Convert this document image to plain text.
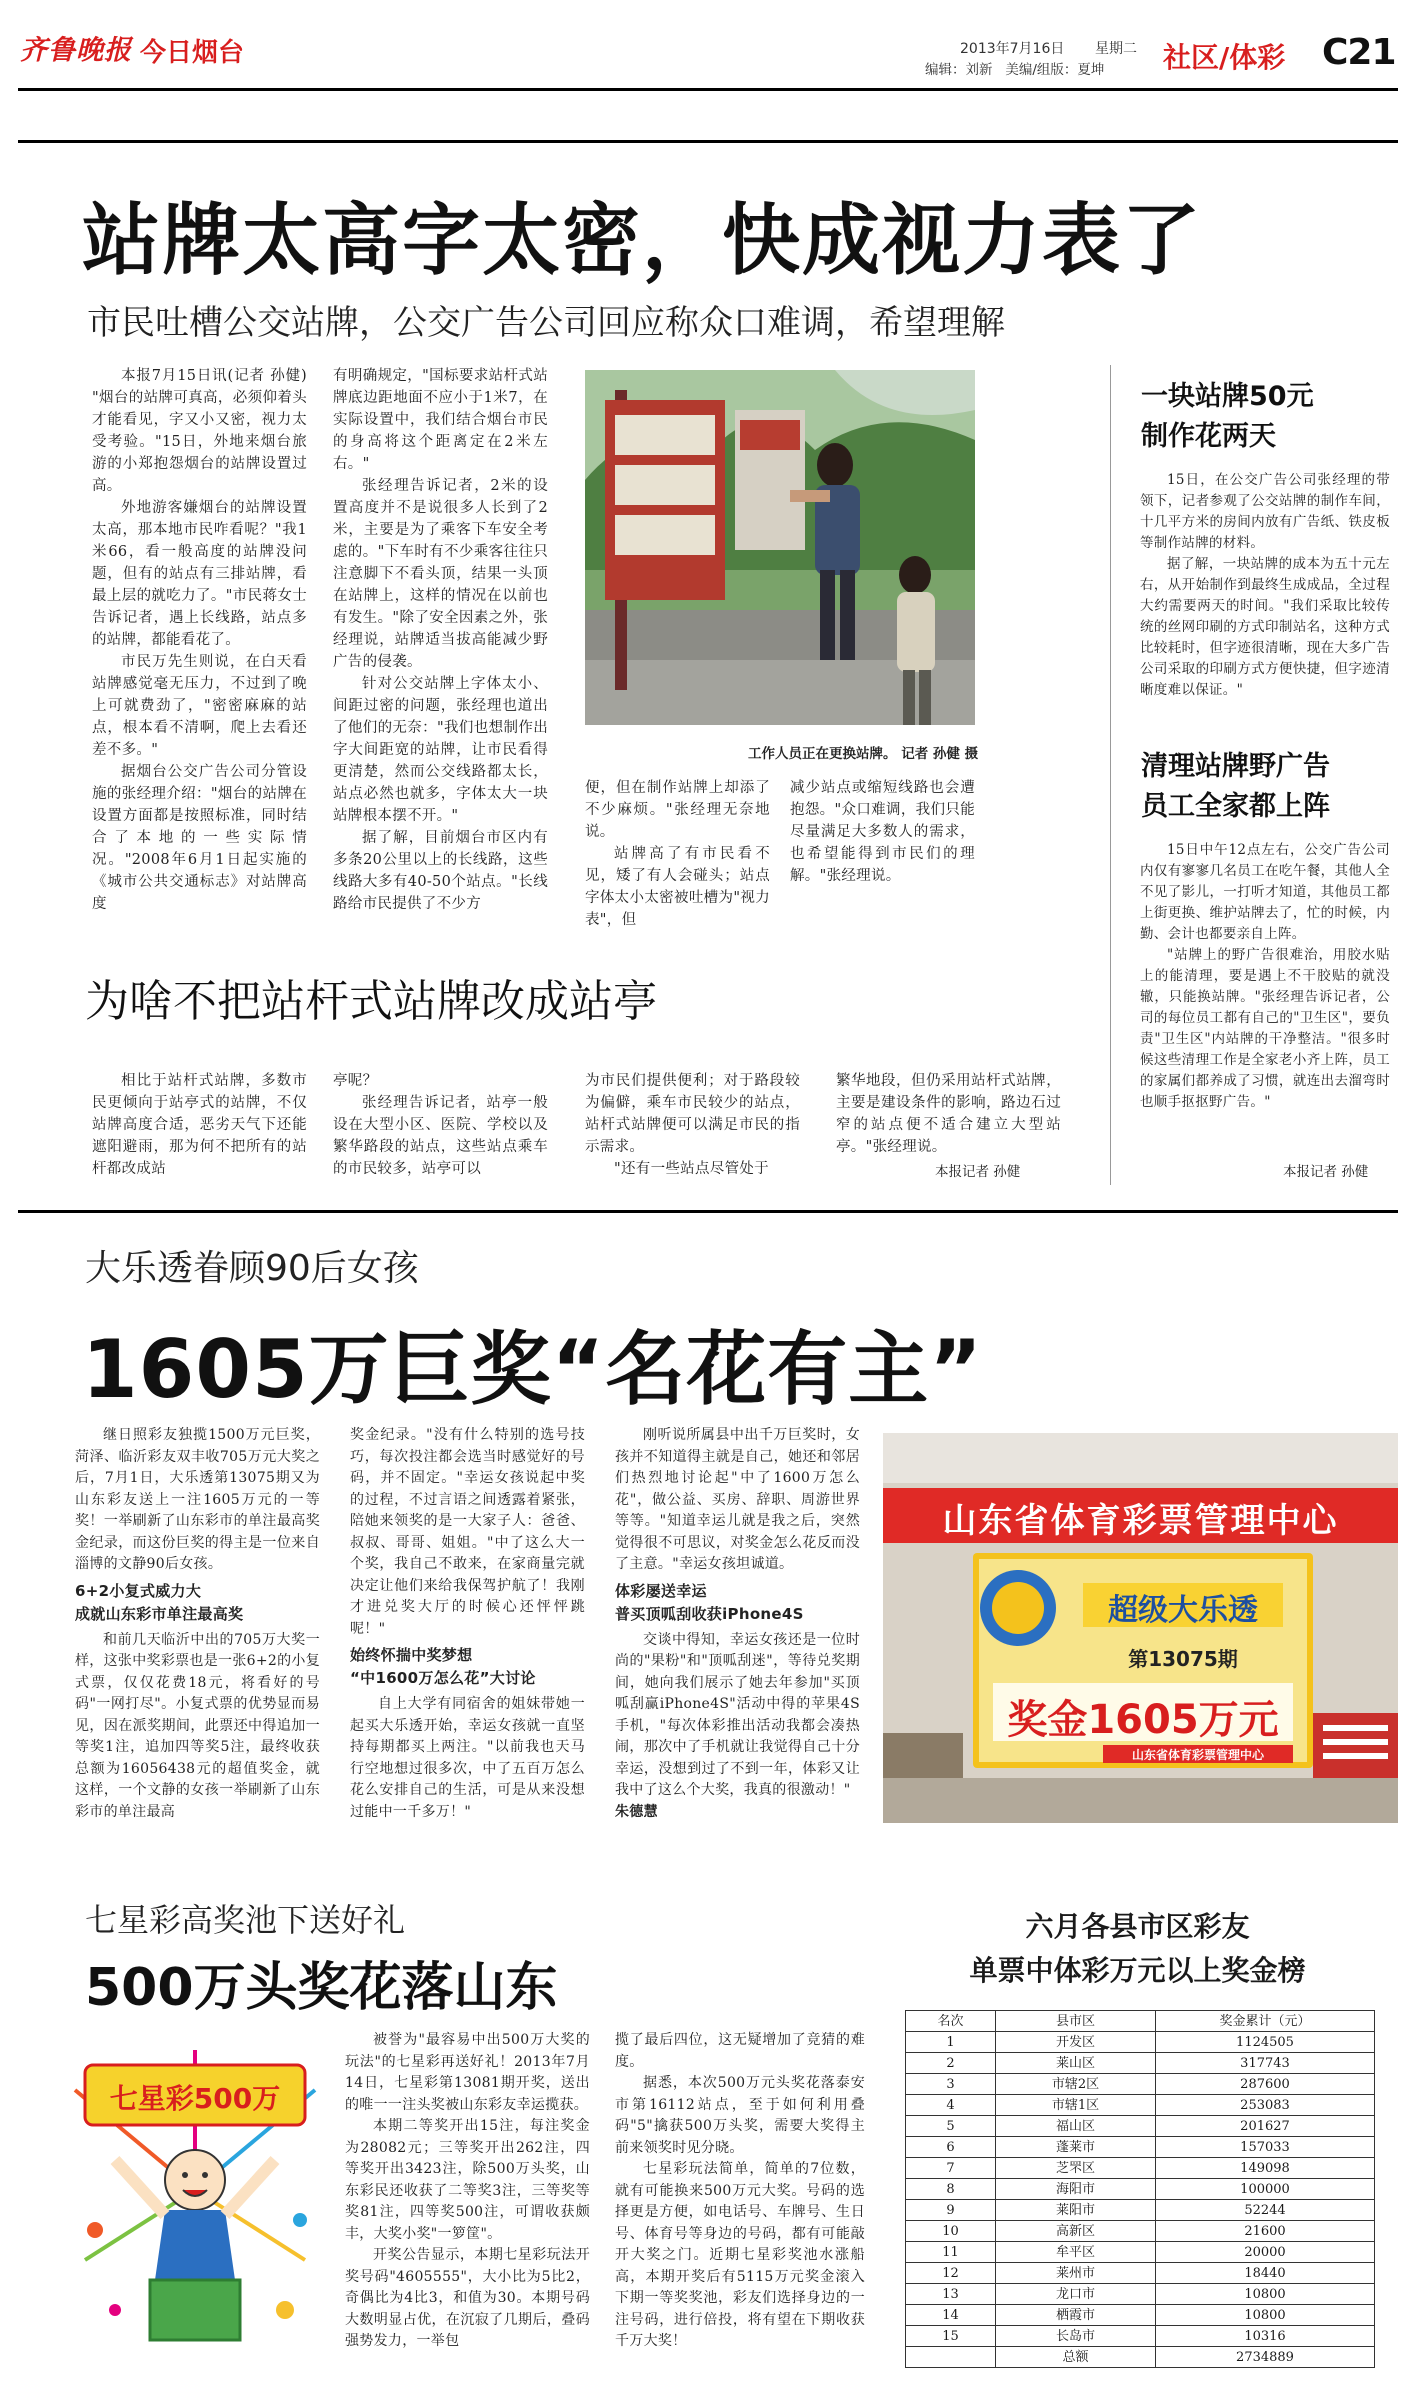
齐鲁晚报 今日烟台	2013年7月16日 星期二
编辑：刘新   美编/组版：夏坤 社区/体彩 C21
站牌太高字太密，快成视力表了
市民吐槽公交站牌，公交广告公司回应称众口难调，希望理解

本报7月15日讯(记者 孙健) "烟台的站牌可真高，必须仰着头才能看见，字又小又密，视力太受考验。"15日，外地来烟台旅游的小郑抱怨烟台的站牌设置过高。

外地游客嫌烟台的站牌设置太高，那本地市民咋看呢？"我1米66，看一般高度的站牌没问题，但有的站点有三排站牌，看最上层的就吃力了。"市民蒋女士告诉记者，遇上长线路，站点多的站牌，都能看花了。

市民万先生则说，在白天看站牌感觉毫无压力，不过到了晚上可就费劲了，"密密麻麻的站点，根本看不清啊，爬上去看还差不多。"

据烟台公交广告公司分管设施的张经理介绍："烟台的站牌在设置方面都是按照标准，同时结合了本地的一些实际情况。"2008年6月1日起实施的《城市公共交通标志》对站牌高度

有明确规定，"国标要求站杆式站牌底边距地面不应小于1米7，在实际设置中，我们结合烟台市民的身高将这个距离定在2米左右。"

张经理告诉记者，2米的设置高度并不是说很多人长到了2米，主要是为了乘客下车安全考虑的。"下车时有不少乘客往往只注意脚下不看头顶，结果一头顶在站牌上，这样的情况在以前也有发生。"除了安全因素之外，张经理说，站牌适当拔高能减少野广告的侵袭。

针对公交站牌上字体太小、间距过密的问题，张经理也道出了他们的无奈："我们也想制作出字大间距宽的站牌，让市民看得更清楚，然而公交线路都太长，站点必然也就多，字体太大一块站牌根本摆不开。"

据了解，目前烟台市区内有多条20公里以上的长线路，这些线路大多有40-50个站点。"长线路给市民提供了不少方

工作人员正在更换站牌。 记者 孙健 摄

便，但在制作站牌上却添了不少麻烦。"张经理无奈地说。

站牌高了有市民看不见，矮了有人会碰头；站点字体太小太密被吐槽为"视力表"，但

减少站点或缩短线路也会遭抱怨。"众口难调，我们只能尽量满足大多数人的需求，也希望能得到市民们的理解。"张经理说。

一块站牌50元
制作花两天

15日，在公交广告公司张经理的带领下，记者参观了公交站牌的制作车间，十几平方米的房间内放有广告纸、铁皮板等制作站牌的材料。

据了解，一块站牌的成本为五十元左右，从开始制作到最终生成成品，全过程大约需要两天的时间。"我们采取比较传统的丝网印刷的方式印制站名，这种方式比较耗时，但字迹很清晰，现在大多广告公司采取的印刷方式方便快捷，但字迹清晰度难以保证。"

清理站牌野广告
员工全家都上阵

15日中午12点左右，公交广告公司内仅有寥寥几名员工在吃午餐，其他人全不见了影儿，一打听才知道，其他员工都上街更换、维护站牌去了，忙的时候，内勤、会计也都要亲自上阵。

"站牌上的野广告很难治，用胶水贴上的能清理，要是遇上不干胶贴的就没辙，只能换站牌。"张经理告诉记者，公司的每位员工都有自己的"卫生区"，要负责"卫生区"内站牌的干净整洁。"很多时候这些清理工作是全家老小齐上阵，员工的家属们都养成了习惯，就连出去溜弯时也顺手抠抠野广告。"

本报记者 孙健
为啥不把站杆式站牌改成站亭

相比于站杆式站牌，多数市民更倾向于站亭式的站牌，不仅站牌高度合适，恶劣天气下还能遮阳避雨，那为何不把所有的站杆都改成站

亭呢？

张经理告诉记者，站亭一般设在大型小区、医院、学校以及繁华路段的站点，这些站点乘车的市民较多，站亭可以

为市民们提供便利；对于路段较为偏僻，乘车市民较少的站点，站杆式站牌便可以满足市民的指示需求。

"还有一些站点尽管处于

繁华地段，但仍采用站杆式站牌，主要是建设条件的影响，路边石过窄的站点便不适合建立大型站亭。"张经理说。

本报记者 孙健
大乐透眷顾90后女孩
1605万巨奖“名花有主”

继日照彩友独揽1500万元巨奖，菏泽、临沂彩友双丰收705万元大奖之后，7月1日，大乐透第13075期又为山东彩友送上一注1605万元的一等奖！一举刷新了山东彩市的单注最高奖金纪录，而这份巨奖的得主是一位来自淄博的文静90后女孩。

6+2小复式威力大
成就山东彩市单注最高奖

和前几天临沂中出的705万大奖一样，这张中奖彩票也是一张6+2的小复式票，仅仅花费18元，将看好的号码"一网打尽"。小复式票的优势显而易见，因在派奖期间，此票还中得追加一等奖1注，追加四等奖5注，最终收获总额为16056438元的超值奖金，就这样，一个文静的女孩一举刷新了山东彩市的单注最高

奖金纪录。"没有什么特别的选号技巧，每次投注都会选当时感觉好的号码，并不固定。"幸运女孩说起中奖的过程，不过言语之间透露着紧张，陪她来领奖的是一大家子人：爸爸、叔叔、哥哥、姐姐。"中了这么大一个奖，我自己不敢来，在家商量完就决定让他们来给我保驾护航了！我刚才进兑奖大厅的时候心还怦怦跳呢！"

始终怀揣中奖梦想
“中1600万怎么花”大讨论

自上大学有同宿舍的姐妹带她一起买大乐透开始，幸运女孩就一直坚持每期都买上两注。"以前我也天马行空地想过很多次，中了五百万怎么花么安排自己的生活，可是从来没想过能中一千多万！"

刚听说所属县中出千万巨奖时，女孩并不知道得主就是自己，她还和邻居们热烈地讨论起"中了1600万怎么花"，做公益、买房、辞职、周游世界等等。"知道幸运儿就是我之后，突然觉得很不可思议，对奖金怎么花反而没了主意。"幸运女孩坦诚道。

体彩屡送幸运
普买顶呱刮收获iPhone4S

交谈中得知，幸运女孩还是一位时尚的"果粉"和"顶呱刮迷"，等待兑奖期间，她向我们展示了她去年参加"买顶呱刮赢iPhone4S"活动中得的苹果4S手机，"每次体彩推出活动我都会凑热闹，那次中了手机就让我觉得自己十分幸运，没想到过了不到一年，体彩又让我中了这么个大奖，我真的很激动！"

朱德慧
山东省体育彩票管理中心
超级大乐透
第13075期
奖金1605万元
山东省体育彩票管理中心
七星彩高奖池下送好礼
500万头奖花落山东
七星彩500万

被誉为"最容易中出500万大奖的玩法"的七星彩再送好礼！2013年7月14日，七星彩第13081期开奖，送出的唯一一注头奖被山东彩友幸运揽获。

本期二等奖开出15注，每注奖金为28082元；三等奖开出262注，四等奖开出3423注，除500万头奖，山东彩民还收获了二等奖3注，三等奖等奖81注，四等奖500注，可谓收获颇丰，大奖小奖"一箩筐"。

开奖公告显示，本期七星彩玩法开奖号码"4605555"，大小比为5比2，奇偶比为4比3，和值为30。本期号码大数明显占优，在沉寂了几期后，叠码强势发力，一举包

揽了最后四位，这无疑增加了竞猜的难度。

据悉，本次500万元头奖花落泰安市第16112站点，至于如何利用叠码"5"擒获500万头奖，需要大奖得主前来领奖时见分晓。

七星彩玩法简单，简单的7位数，就有可能换来500万元大奖。号码的选择更是方便，如电话号、车牌号、生日号、体育号等身边的号码，都有可能敲开大奖之门。近期七星彩奖池水涨船高，本期开奖后有5115万元奖金滚入下期一等奖奖池，彩友们选择身边的一注号码，进行倍投，将有望在下期收获千万大奖！

六月各县市区彩友
单票中体彩万元以上奖金榜
名次	县市区	奖金累计（元）
1	开发区	1124505
2	莱山区	317743
3	市辖2区	287600
4	市辖1区	253083
5	福山区	201627
6	蓬莱市	157033
7	芝罘区	149098
8	海阳市	100000
9	莱阳市	52244
10	高新区	21600
11	牟平区	20000
12	莱州市	18440
13	龙口市	10800
14	栖霞市	10800
15	长岛市	10316
	总额	2734889
